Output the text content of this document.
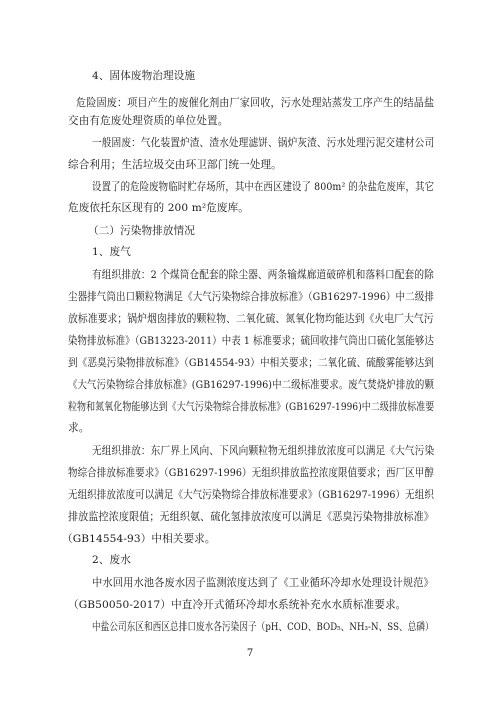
4、固体废物治理设施
危险固废：项目产生的废催化剂由厂家回收，污水处理站蒸发工序产生的结晶盐
交由有危废处理资质的单位处置。
一般固废：气化装置炉渣、渣水处理滤饼、锅炉灰渣、污水处理污泥交建材公司
综合利用；生活垃圾交由环卫部门统一处理。
设置了的危险废物临时贮存场所，其中在西区建设了 800m² 的杂盐危废库，其它
危废依托东区现有的 200 m²危废库。
（二）污染物排放情况
1、废气
有组织排放：2 个煤筒仓配套的除尘器、两条输煤廊道破碎机和落料口配套的除
尘器排气筒出口颗粒物满足《大气污染物综合排放标准》（GB16297-1996）中二级排
放标准要求；锅炉烟囱排放的颗粒物、二氧化硫、氮氧化物均能达到《火电厂大气污
染物排放标准》（GB13223-2011）中表 1 标准要求；硫回收排气筒出口硫化氢能够达
到《恶臭污染物排放标准》（GB14554-93）中相关要求；二氧化硫、硫酸雾能够达到
《大气污染物综合排放标准》(GB16297-1996)中二级标准要求。废气焚烧炉排放的颗
粒物和氮氧化物能够达到《大气污染物综合排放标准》(GB16297-1996)中二级排放标准要
求。
无组织排放：东厂界上风向、下风向颗粒物无组织排放浓度可以满足《大气污染
物综合排放标准要求》（GB16297-1996）无组织排放监控浓度限值要求；西厂区甲醇
无组织排放浓度可以满足《大气污染物综合排放标准要求》（GB16297-1996）无组织
排放监控浓度限值；无组织氨、硫化氢排放浓度可以满足《恶臭污染物排放标准》
（GB14554-93）中相关要求。
2、废水
中水回用水池各废水因子监测浓度达到了《工业循环冷却水处理设计规范》
（GB50050-2017）中直冷开式循环冷却水系统补充水水质标准要求。
中盐公司东区和西区总排口废水各污染因子（pH、COD、BOD₅、NH₃-N、SS、总磷）
7
